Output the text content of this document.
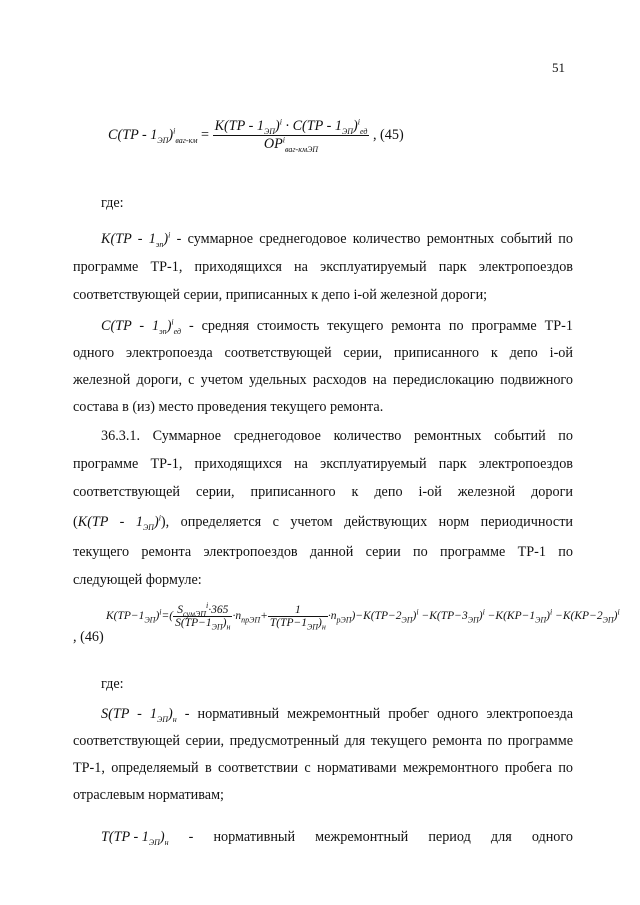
51
$C(TP - 1_{ЭП})^i_{ваг-км} = \frac{K(TP - 1_{ЭП})^i \cdot C(TP - 1_{ЭП})^i_{ед}}{OP^i_{ваг-кмЭП}}$ , (45)
где:
$K(TP - 1_{эп})^i$ - суммарное среднегодовое количество ремонтных событий по
программе ТР-1, приходящихся на эксплуатируемый парк электропоездов
соответствующей серии, приписанных к депо i-ой железной дороги;
$C(TP - 1_{эп})^i_{ед}$ - средняя стоимость текущего ремонта по программе ТР-1
одного электропоезда соответствующей серии, приписанного к депо i-ой
железной дороги, с учетом удельных расходов на передислокацию подвижного
состава в (из) место проведения текущего ремонта.
36.3.1. Суммарное среднегодовое количество ремонтных событий по
программе ТР-1, приходящихся на эксплуатируемый парк электропоездов
соответствующей серии, приписанного к депо i-ой железной дороги
$(K(TP - 1_{ЭП})^i)$, определяется с учетом действующих норм периодичности
текущего ремонта электропоездов данной серии по программе ТР-1 по
следующей формуле:
$K(TP-1_{ЭП})^i=( \frac{S_{сумЭП}^i\cdot 365}{S(TP-1_{ЭП})_н} \cdot n_{прЭП}+ \frac{1}{T(TP-1_{ЭП})_н} \cdot n_{рЭП})-K(TP-2_{ЭП})^i -K(TP-3_{ЭП})^i -K(KP-1_{ЭП})^i -K(KP-2_{ЭП})^i$
, (46)
где:
$S(TP - 1_{ЭП})_н$ - нормативный межремонтный пробег одного электропоезда
соответствующей серии, предусмотренный для текущего ремонта по программе
ТР-1, определяемый в соответствии с нормативами межремонтного пробега по
отраслевым нормативам;
$T(TP - 1_{ЭП})_н$ - нормативный межремонтный период для одного
